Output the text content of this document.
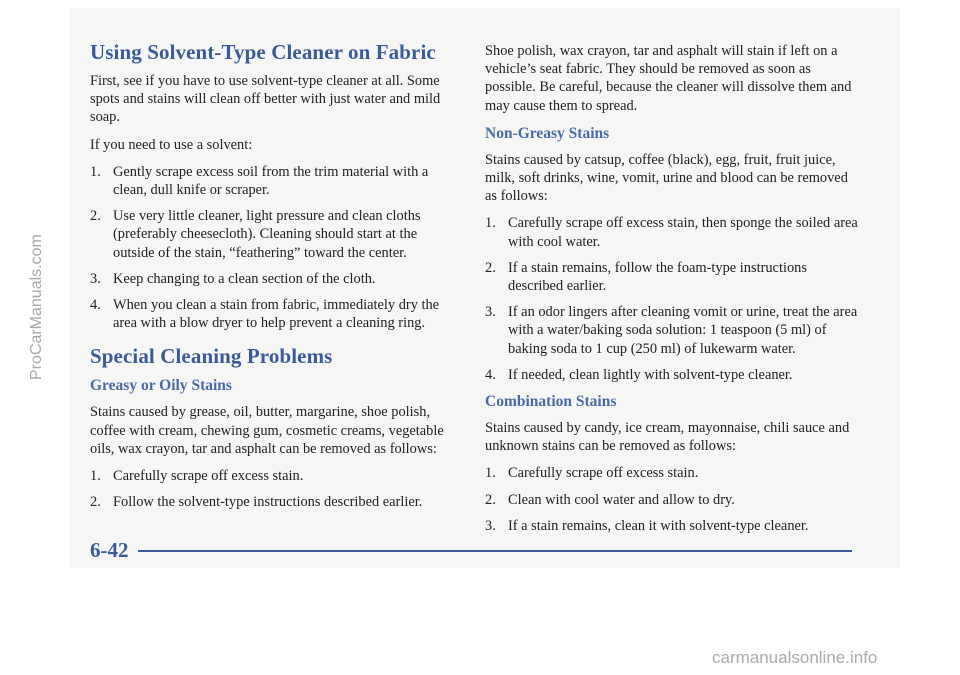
Using Solvent-Type Cleaner on Fabric

First, see if you have to use solvent-type cleaner at all. Some spots and stains will clean off better with just water and mild soap.

If you need to use a solvent:

1. Gently scrape excess soil from the trim material with a clean, dull knife or scraper.
2. Use very little cleaner, light pressure and clean cloths (preferably cheesecloth). Cleaning should start at the outside of the stain, “feathering” toward the center.
3. Keep changing to a clean section of the cloth.
4. When you clean a stain from fabric, immediately dry the area with a blow dryer to help prevent a cleaning ring.
Special Cleaning Problems
Greasy or Oily Stains

Stains caused by grease, oil, butter, margarine, shoe polish, coffee with cream, chewing gum, cosmetic creams, vegetable oils, wax crayon, tar and asphalt can be removed as follows:

1. Carefully scrape off excess stain.
2. Follow the solvent-type instructions described earlier.

Shoe polish, wax crayon, tar and asphalt will stain if left on a vehicle’s seat fabric. They should be removed as soon as possible. Be careful, because the cleaner will dissolve them and may cause them to spread.

Non-Greasy Stains

Stains caused by catsup, coffee (black), egg, fruit, fruit juice, milk, soft drinks, wine, vomit, urine and blood can be removed as follows:

1. Carefully scrape off excess stain, then sponge the soiled area with cool water.
2. If a stain remains, follow the foam-type instructions described earlier.
3. If an odor lingers after cleaning vomit or urine, treat the area with a water/baking soda solution: 1 teaspoon (5 ml) of baking soda to 1 cup (250 ml) of lukewarm water.
4. If needed, clean lightly with solvent-type cleaner.
Combination Stains

Stains caused by candy, ice cream, mayonnaise, chili sauce and unknown stains can be removed as follows:

1. Carefully scrape off excess stain.
2. Clean with cool water and allow to dry.
3. If a stain remains, clean it with solvent-type cleaner.
6-42
ProCarManuals.com
carmanualsonline.info
